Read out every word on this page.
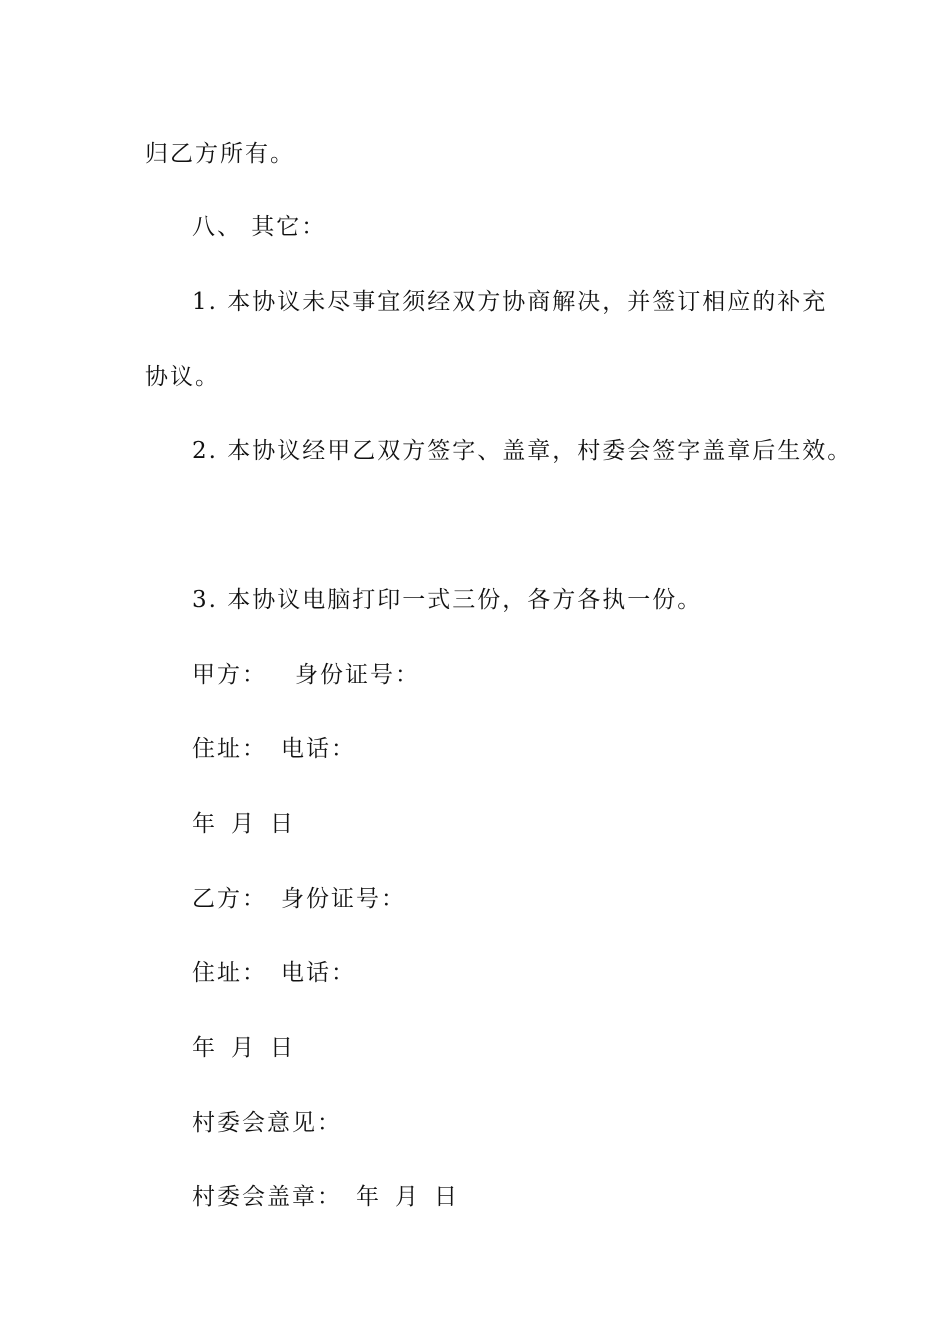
归乙方所有。
八、 其它：
1. 本协议未尽事宜须经双方协商解决，并签订相应的补充
协议。
2. 本协议经甲乙双方签字、盖章，村委会签字盖章后生效。
3. 本协议电脑打印一式三份，各方各执一份。
甲方： 身份证号：
住址： 电话：
年 月 日
乙方： 身份证号：
住址： 电话：
年 月 日
村委会意见：
村委会盖章： 年 月 日
